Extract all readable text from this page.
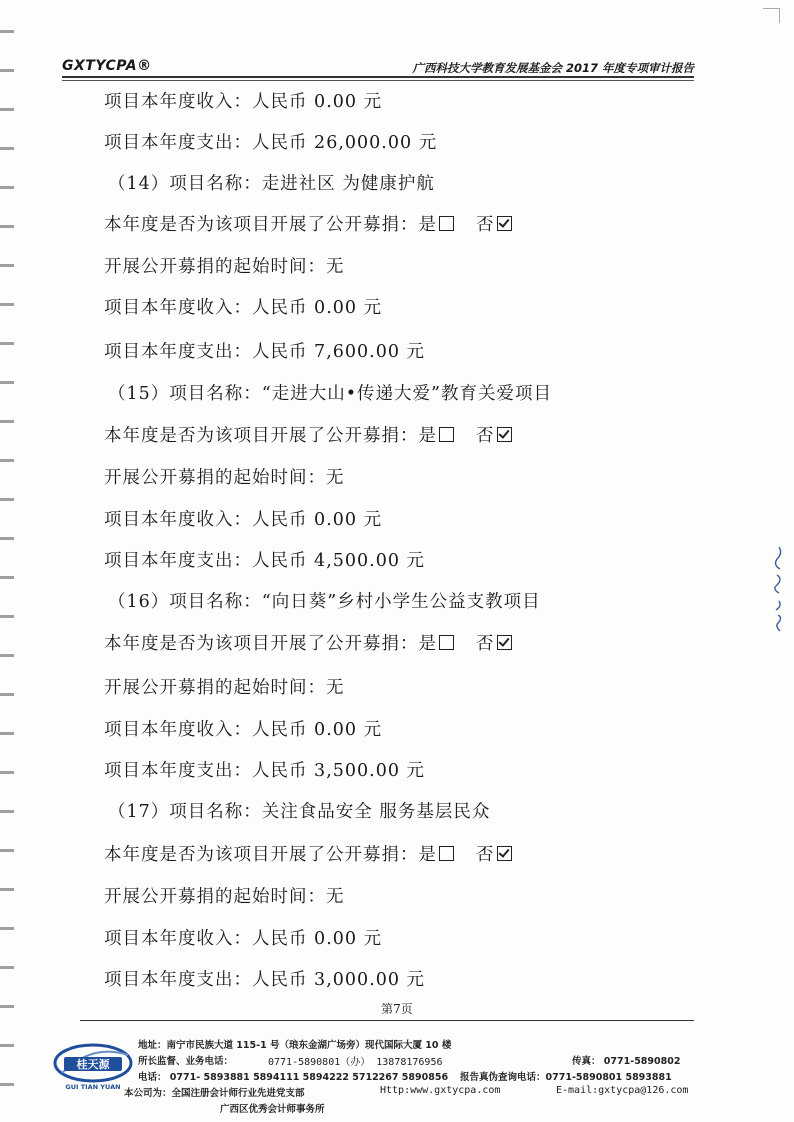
GXTYCPA®	广西科技大学教育发展基金会 2017 年度专项审计报告
项目本年度收入：人民币 0.00 元
项目本年度支出：人民币 26,000.00 元
（14）项目名称：走进社区 为健康护航
本年度是否为该项目开展了公开募捐：是 否
开展公开募捐的起始时间：无
项目本年度收入：人民币 0.00 元
项目本年度支出：人民币 7,600.00 元
（15）项目名称：“走进大山•传递大爱”教育关爱项目
本年度是否为该项目开展了公开募捐：是 否
开展公开募捐的起始时间：无
项目本年度收入：人民币 0.00 元
项目本年度支出：人民币 4,500.00 元
（16）项目名称：“向日葵”乡村小学生公益支教项目
本年度是否为该项目开展了公开募捐：是 否
开展公开募捐的起始时间：无
项目本年度收入：人民币 0.00 元
项目本年度支出：人民币 3,500.00 元
（17）项目名称：关注食品安全 服务基层民众
本年度是否为该项目开展了公开募捐：是 否
开展公开募捐的起始时间：无
项目本年度收入：人民币 0.00 元
项目本年度支出：人民币 3,000.00 元
第7页
桂天源
GUI TIAN YUAN
地址：南宁市民族大道 115-1 号（琅东金湖广场旁）现代国际大厦 10 楼
所长监督、业务电话：	0771-5890801（办） 13878176956	传真： 0771-5890802
电话： 0771- 5893881 5894111 5894222 5712267 5890856 报告真伪查询电话：0771-5890801 5893881
本公司为：全国注册会计师行业先进党支部	Http:www.gxtycpa.com	E-mail:gxtycpa@126.com
广西区优秀会计师事务所
